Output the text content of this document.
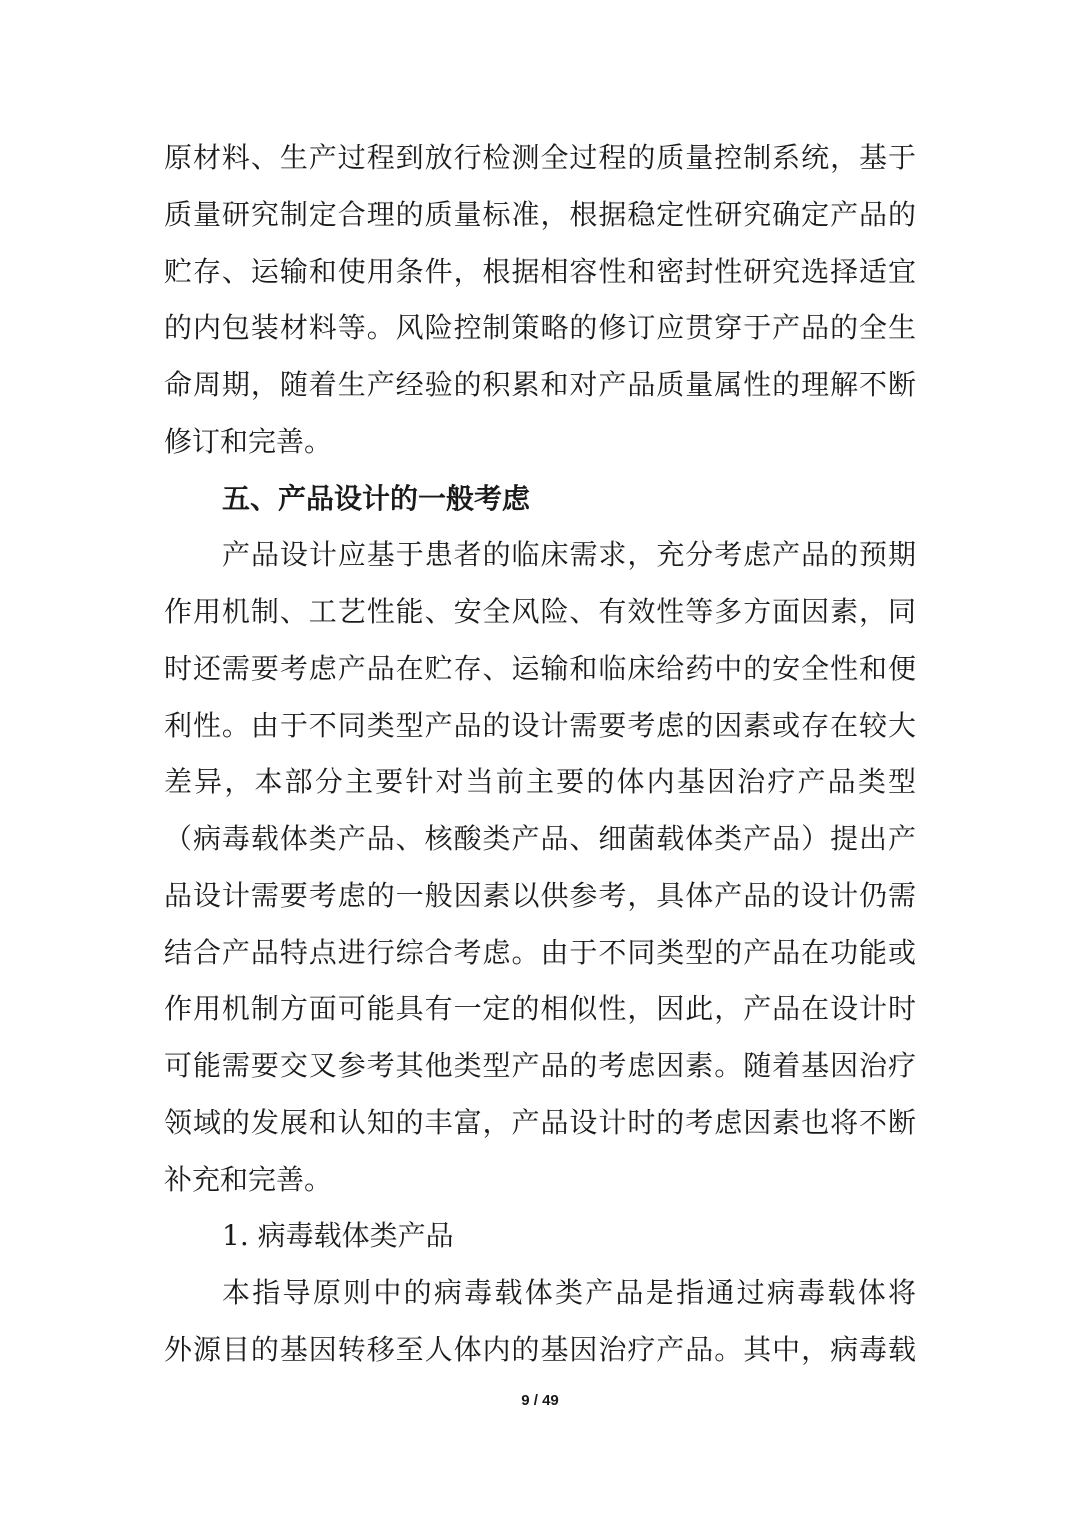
原材料、生产过程到放行检测全过程的质量控制系统，基于
质量研究制定合理的质量标准，根据稳定性研究确定产品的
贮存、运输和使用条件，根据相容性和密封性研究选择适宜
的内包装材料等。风险控制策略的修订应贯穿于产品的全生
命周期，随着生产经验的积累和对产品质量属性的理解不断
修订和完善。
五、产品设计的一般考虑
产品设计应基于患者的临床需求，充分考虑产品的预期
作用机制、工艺性能、安全风险、有效性等多方面因素，同
时还需要考虑产品在贮存、运输和临床给药中的安全性和便
利性。由于不同类型产品的设计需要考虑的因素或存在较大
差异，本部分主要针对当前主要的体内基因治疗产品类型
（病毒载体类产品、核酸类产品、细菌载体类产品）提出产
品设计需要考虑的一般因素以供参考，具体产品的设计仍需
结合产品特点进行综合考虑。由于不同类型的产品在功能或
作用机制方面可能具有一定的相似性，因此，产品在设计时
可能需要交叉参考其他类型产品的考虑因素。随着基因治疗
领域的发展和认知的丰富，产品设计时的考虑因素也将不断
补充和完善。
1. 病毒载体类产品
本指导原则中的病毒载体类产品是指通过病毒载体将
外源目的基因转移至人体内的基因治疗产品。其中，病毒载
9 / 49
